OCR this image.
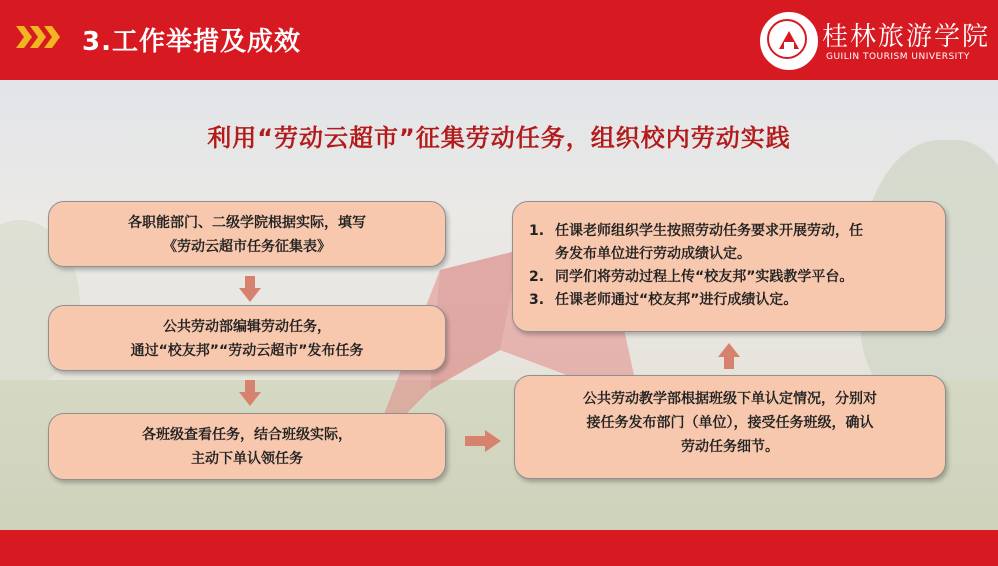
3.工作举措及成效	桂林旅游学院
GUILIN TOURISM UNIVERSITY
利用“劳动云超市”征集劳动任务，组织校内劳动实践
各职能部门、二级学院根据实际，填写
《劳动云超市任务征集表》
公共劳动部编辑劳动任务，
通过“校友邦”“劳动云超市”发布任务
各班级查看任务，结合班级实际，
主动下单认领任务
公共劳动教学部根据班级下单认定情况，分别对
接任务发布部门（单位），接受任务班级，确认
劳动任务细节。
1. 任课老师组织学生按照劳动任务要求开展劳动，任
务发布单位进行劳动成绩认定。
2. 同学们将劳动过程上传“校友邦”实践教学平台。
3. 任课老师通过“校友邦”进行成绩认定。
